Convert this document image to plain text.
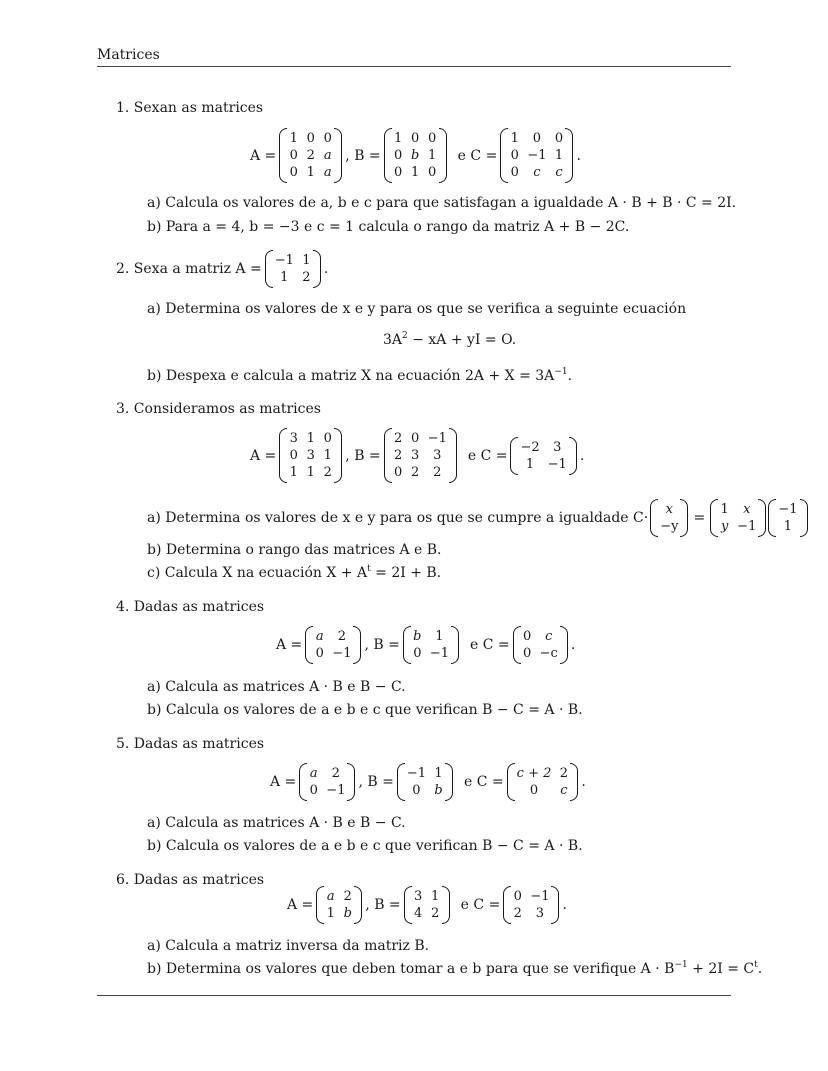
Matrices
1. Sexan as matrices
A =
1 0 0
0 2 a
0 1 a
, B =
1 0 0
0 b 1
0 1 0
e C =
1	0	0
0 −1 1
0	c	c
.
a) Calcula os valores de a, b e c para que satisfagan a igualdade A · B + B · C = 2I.
b) Para a = 4, b = −3 e c = 1 calcula o rango da matriz A + B − 2C.
2. Sexa a matriz A =
−1 1
1	2
.
a) Determina os valores de x e y para os que se verifica a seguinte ecuación
$3A^2$ − xA + yI = O.
b) Despexa e calcula a matriz X na ecuación $2A + X = 3A^{-1}$.
3. Consideramos as matrices
A =
3 1 0
0 3 1
1 1 2
, B =
2 0 −1
2 3	3
0 2	2
e C =
−2	3
1	−1
.
a) Determina os valores de x e y para os que se cumpre a igualdade C·
x
−y
=
1	x
y −1
−1
1
b) Determina o rango das matrices A e B.
c) Calcula X na ecuación $X + A^t = 2I + B$.
4. Dadas as matrices
A =
a	2
0 −1
, B =
b	1
0 −1
e C =
0	c
0 −c
.
a) Calcula as matrices A · B e B − C.
b) Calcula os valores de a e b e c que verifican B − C = A · B.
5. Dadas as matrices
A =
a	2
0 −1
, B =
−1 1
0	b
e C =
c + 2 2
0	c
.
a) Calcula as matrices A · B e B − C.
b) Calcula os valores de a e b e c que verifican B − C = A · B.
6. Dadas as matrices
A =
a 2
1 b
, B =
3 1
4 2
e C =
0 −1
2	3
.
a) Calcula a matriz inversa da matriz B.
b) Determina os valores que deben tomar a e b para que se verifique $A \cdot B^{-1} + 2I = C^t$.
